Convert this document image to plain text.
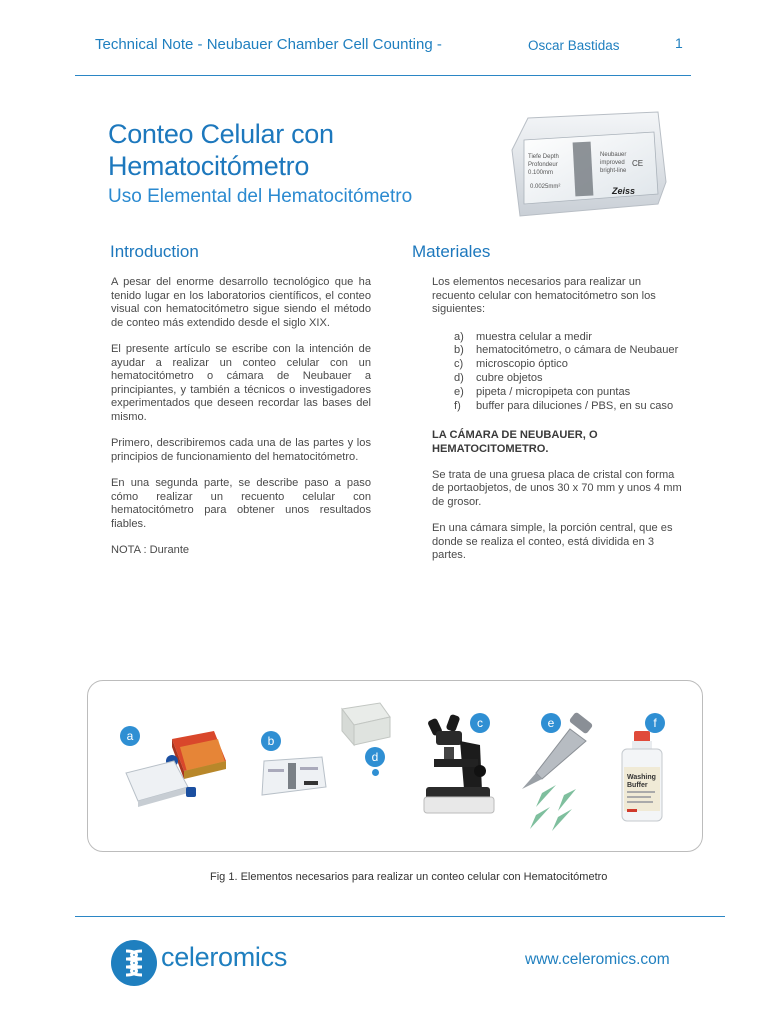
Technical Note - Neubauer Chamber Cell Counting -	Oscar Bastidas	1
Conteo Celular con
Hematocitómetro
Uso Elemental del Hematocitómetro
Tiefe Depth
Profondeur
0.100mm
0.0025mm²
Neubauer
improved CE
bright-line
Zeiss
Introduction	Materiales

A pesar del enorme desarrollo tecnológico que ha tenido lugar en los laboratorios científicos, el conteo visual con hematocitómetro sigue siendo el método de conteo más extendido desde el siglo XIX.

El presente artículo se escribe con la intención de ayudar a realizar un conteo celular con un hematocitómetro o cámara de Neubauer a principiantes, y también a técnicos o investigadores experimentados que deseen recordar las bases del mismo.

Primero, describiremos cada una de las partes y los principios de funcionamiento del hematocitómetro.

En una segunda parte, se describe paso a paso cómo realizar un recuento celular con hematocitómetro para obtener unos resultados fiables.

NOTA : Durante

Los elementos necesarios para realizar un recuento celular con hematocitómetro son los siguientes:

a)	muestra celular a medir
b)	hematocitómetro, o cámara de Neubauer
c)	microscopio óptico
d)	cubre objetos
e)	pipeta / micropipeta con puntas
f)	buffer para diluciones / PBS, en su caso
LA CÁMARA DE NEUBAUER, O HEMATOCITOMETRO.

Se trata de una gruesa placa de cristal con forma de portaobjetos, de unos 30 x 70 mm y unos 4 mm de grosor.

En una cámara simple, la porción central, que es donde se realiza el conteo, está dividida en 3 partes.

a	b
d
c	e
Washing
Buffer
f
Fig 1. Elementos necesarios para realizar un conteo celular con Hematocitómetro
celeromics	www.celeromics.com
